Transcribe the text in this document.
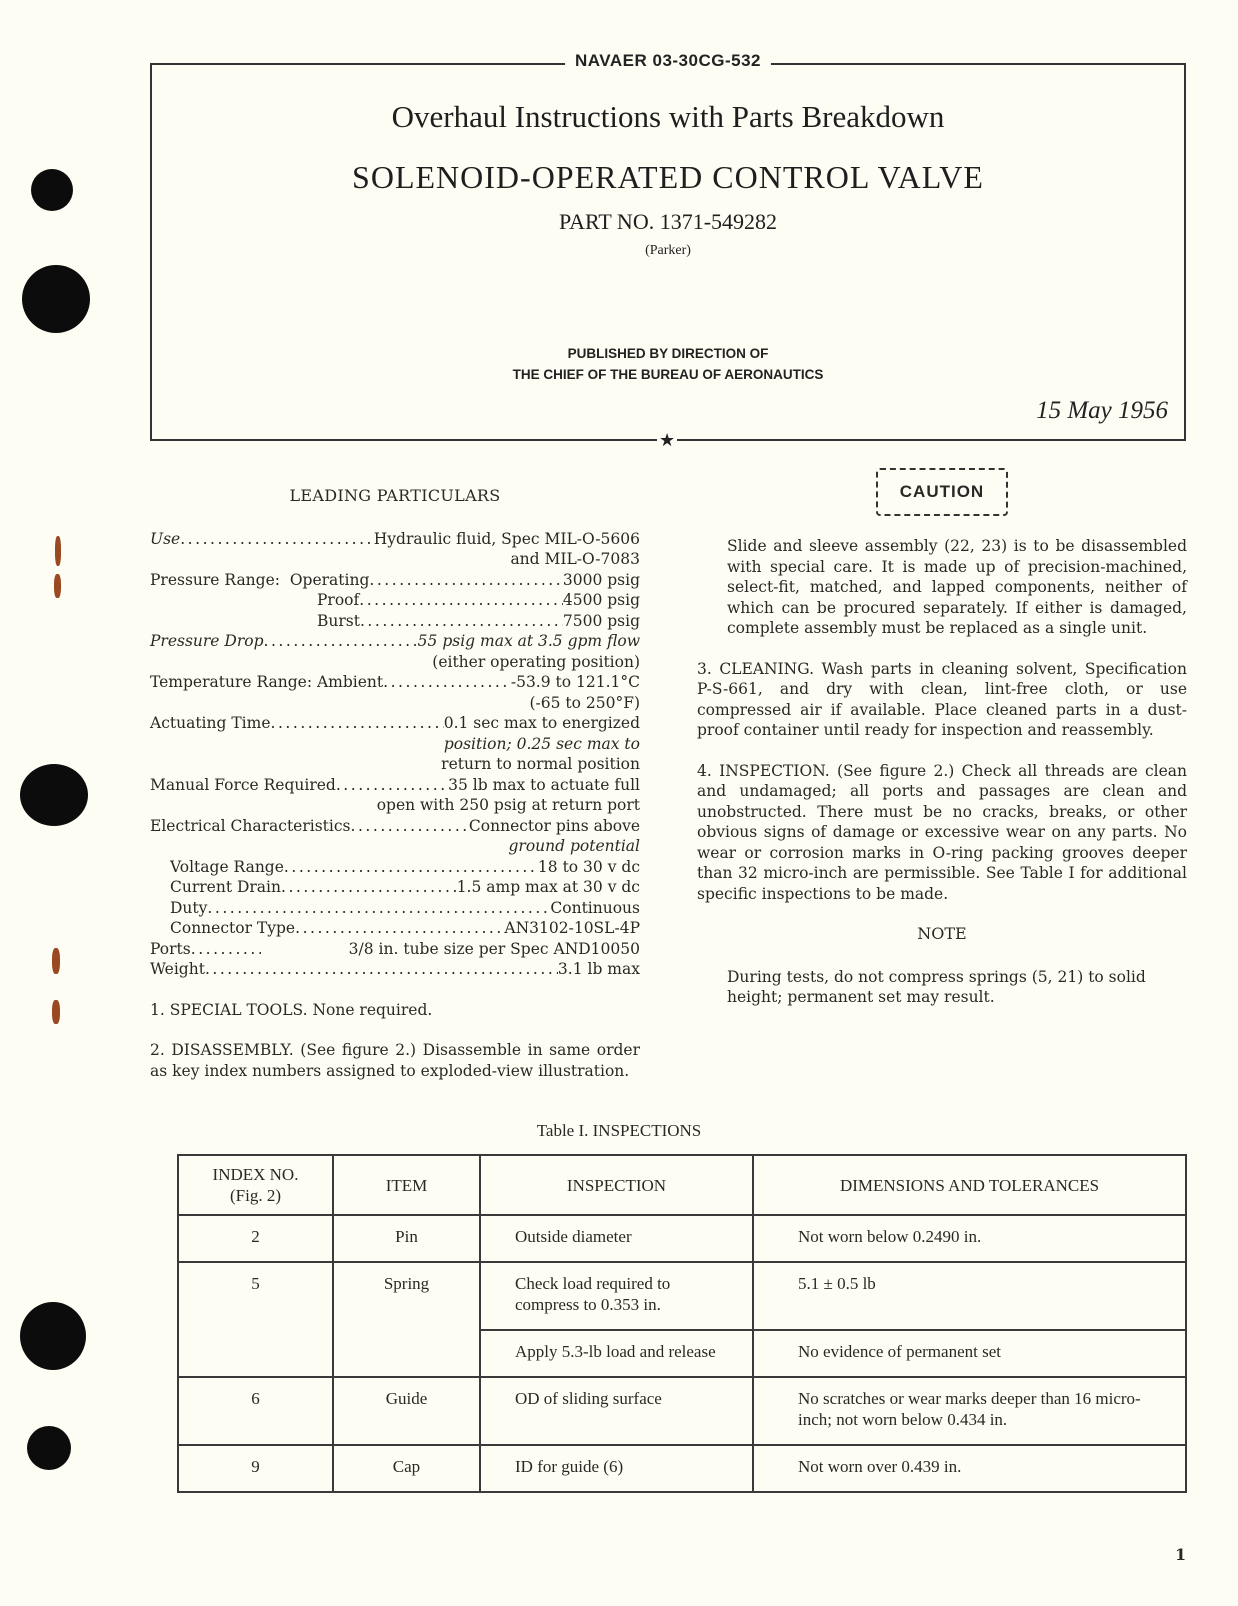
NAVAER 03-30CG-532
Overhaul Instructions with Parts Breakdown
SOLENOID-OPERATED CONTROL VALVE
PART NO. 1371-549282
(Parker)
PUBLISHED BY DIRECTION OF
THE CHIEF OF THE BUREAU OF AERONAUTICS
15 May 1956
★
LEADING PARTICULARS
Use . . .	Hydraulic fluid, Spec MIL-O-5606
and MIL-O-7083
Pressure Range:
Operating . . .	3000 psig
Proof . . .	4500 psig
Burst . . .	7500 psig
Pressure Drop . . .	55 psig max at 3.5 gpm flow
(either operating position)
Temperature Range: Ambient . . .	-53.9 to 121.1°C
(-65 to 250°F)
Actuating Time . . .	0.1 sec max to energized
position; 0.25 sec max to
return to normal position
Manual Force Required . . .	35 lb max to actuate full
open with 250 psig at return port
Electrical Characteristics . . .	Connector pins above
ground potential
Voltage Range . . .	18 to 30 v dc
Current Drain . . .	1.5 amp max at 30 v dc
Duty . . .	Continuous
Connector Type . . .	AN3102-10SL-4P
Ports . . .	3/8 in. tube size per Spec AND10050
Weight . . .	3.1 lb max
1. SPECIAL TOOLS. None required.
2. DISASSEMBLY. (See figure 2.) Disassemble in same order as key index numbers assigned to exploded-view illustration.
CAUTION
Slide and sleeve assembly (22, 23) is to be disassembled with special care. It is made up of precision-machined, select-fit, matched, and lapped components, neither of which can be procured separately. If either is damaged, complete assembly must be replaced as a single unit.
3. CLEANING. Wash parts in cleaning solvent, Specification P-S-661, and dry with clean, lint-free cloth, or use compressed air if available. Place cleaned parts in a dust-proof container until ready for inspection and reassembly.
4. INSPECTION. (See figure 2.) Check all threads are clean and undamaged; all ports and passages are clean and unobstructed. There must be no cracks, breaks, or other obvious signs of damage or excessive wear on any parts. No wear or corrosion marks in O-ring packing grooves deeper than 32 micro-inch are permissible. See Table I for additional specific inspections to be made.
NOTE
During tests, do not compress springs (5, 21) to solid height; permanent set may result.
Table I. INSPECTIONS
INDEX NO.
(Fig. 2)	ITEM	INSPECTION	DIMENSIONS AND TOLERANCES
2	Pin	Outside diameter	Not worn below 0.2490 in.
5	Spring	Check load required to compress to 0.353 in.	5.1 ± 0.5 lb
		Apply 5.3-lb load and release	No evidence of permanent set
6	Guide	OD of sliding surface	No scratches or wear marks deeper than 16 micro-inch; not worn below 0.434 in.
9	Cap	ID for guide (6)	Not worn over 0.439 in.
1
